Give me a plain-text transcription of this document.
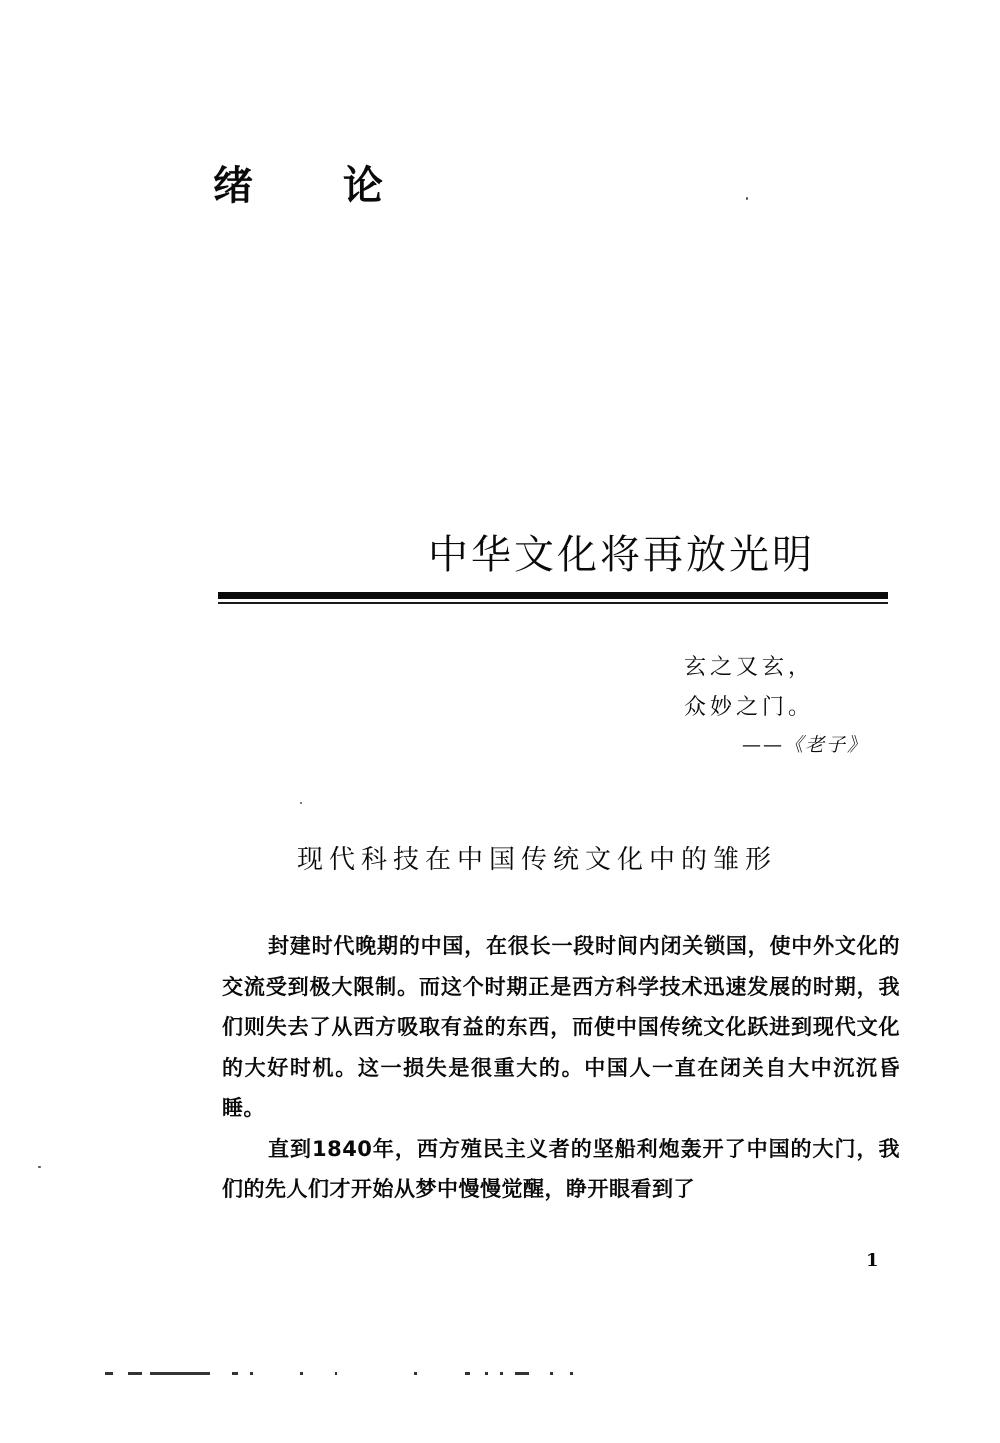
绪 论
中华文化将再放光明
玄之又玄，
众妙之门。
——《老子》
现代科技在中国传统文化中的雏形

封建时代晚期的中国，在很长一段时间内闭关锁国，使中外文化的交流受到极大限制。而这个时期正是西方科学技术迅速发展的时期，我们则失去了从西方吸取有益的东西，而使中国传统文化跃进到现代文化的大好时机。这一损失是很重大的。中国人一直在闭关自大中沉沉昏睡。

直到1840年，西方殖民主义者的坚船利炮轰开了中国的大门，我们的先人们才开始从梦中慢慢觉醒，睁开眼看到了

1
